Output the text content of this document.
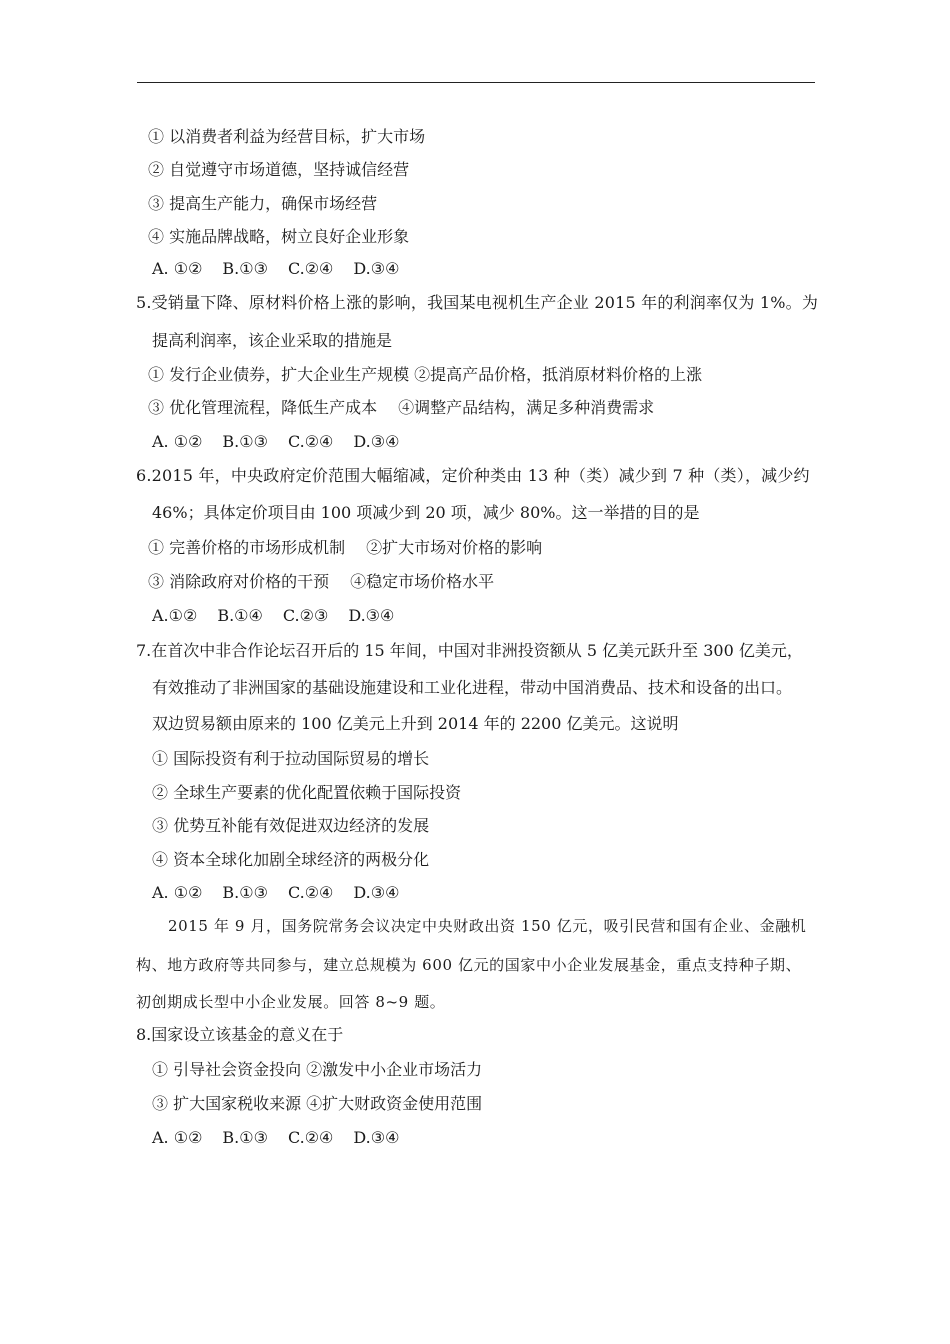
① 以消费者利益为经营目标，扩大市场
② 自觉遵守市场道德，坚持诚信经营
③ 提高生产能力，确保市场经营
④ 实施品牌战略，树立良好企业形象
A. ①② B.①③ C.②④ D.③④
5.受销量下降、原材料价格上涨的影响，我国某电视机生产企业 2015 年的利润率仅为 1%。为
提高利润率，该企业采取的措施是
① 发行企业债券，扩大企业生产规模 ②提高产品价格，抵消原材料价格的上涨
③ 优化管理流程，降低生产成本　 ④调整产品结构，满足多种消费需求
A. ①② B.①③ C.②④ D.③④
6.2015 年，中央政府定价范围大幅缩减，定价种类由 13 种（类）减少到 7 种（类），减少约
46%；具体定价项目由 100 项减少到 20 项，减少 80%。这一举措的目的是
① 完善价格的市场形成机制　 ②扩大市场对价格的影响
③ 消除政府对价格的干预　 ④稳定市场价格水平
A.①② B.①④ C.②③ D.③④
7.在首次中非合作论坛召开后的 15 年间，中国对非洲投资额从 5 亿美元跃升至 300 亿美元，
有效推动了非洲国家的基础设施建设和工业化进程，带动中国消费品、技术和设备的出口。
双边贸易额由原来的 100 亿美元上升到 2014 年的 2200 亿美元。这说明
① 国际投资有利于拉动国际贸易的增长
② 全球生产要素的优化配置依赖于国际投资
③ 优势互补能有效促进双边经济的发展
④ 资本全球化加剧全球经济的两极分化
A. ①② B.①③ C.②④ D.③④
2015 年 9 月，国务院常务会议决定中央财政出资 150 亿元，吸引民营和国有企业、金融机
构、地方政府等共同参与，建立总规模为 600 亿元的国家中小企业发展基金，重点支持种子期、
初创期成长型中小企业发展。回答 8~9 题。
8.国家设立该基金的意义在于
① 引导社会资金投向 ②激发中小企业市场活力
③ 扩大国家税收来源 ④扩大财政资金使用范围
A. ①② B.①③ C.②④ D.③④
